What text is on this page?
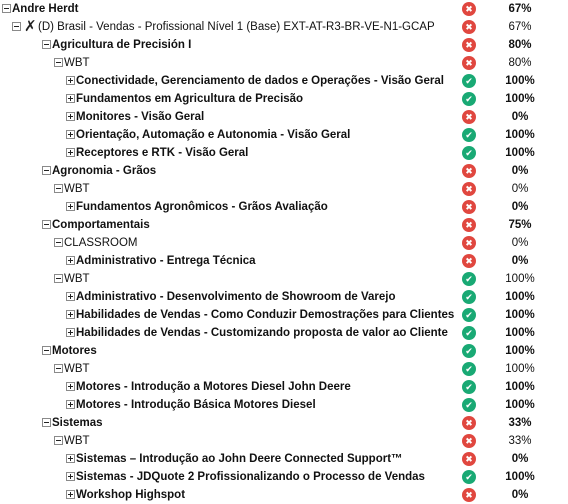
Andre Herdt	✖	67%
✗ (D) Brasil - Vendas - Profissional Nível 1 (Base) EXT-AT-R3-BR-VE-N1-GCAP	✖	67%
Agricultura de Precisión I	✖	80%
WBT	✖	80%
Conectividade, Gerenciamento de dados e Operações - Visão Geral	✔	100%
Fundamentos em Agricultura de Precisão	✔	100%
Monitores - Visão Geral	✖	0%
Orientação, Automação e Autonomia - Visão Geral	✔	100%
Receptores e RTK - Visão Geral	✔	100%
Agronomia - Grãos	✖	0%
WBT	✖	0%
Fundamentos Agronômicos - Grãos Avaliação	✖	0%
Comportamentais	✖	75%
CLASSROOM	✖	0%
Administrativo - Entrega Técnica	✖	0%
WBT	✔	100%
Administrativo - Desenvolvimento de Showroom de Varejo	✔	100%
Habilidades de Vendas - Como Conduzir Demostrações para Clientes	✔	100%
Habilidades de Vendas - Customizando proposta de valor ao Cliente	✔	100%
Motores	✔	100%
WBT	✔	100%
Motores - Introdução a Motores Diesel John Deere	✔	100%
Motores - Introdução Básica Motores Diesel	✔	100%
Sistemas	✖	33%
WBT	✖	33%
Sistemas – Introdução ao John Deere Connected Support™	✖	0%
Sistemas - JDQuote 2 Profissionalizando o Processo de Vendas	✔	100%
Workshop Highspot	✖	0%
